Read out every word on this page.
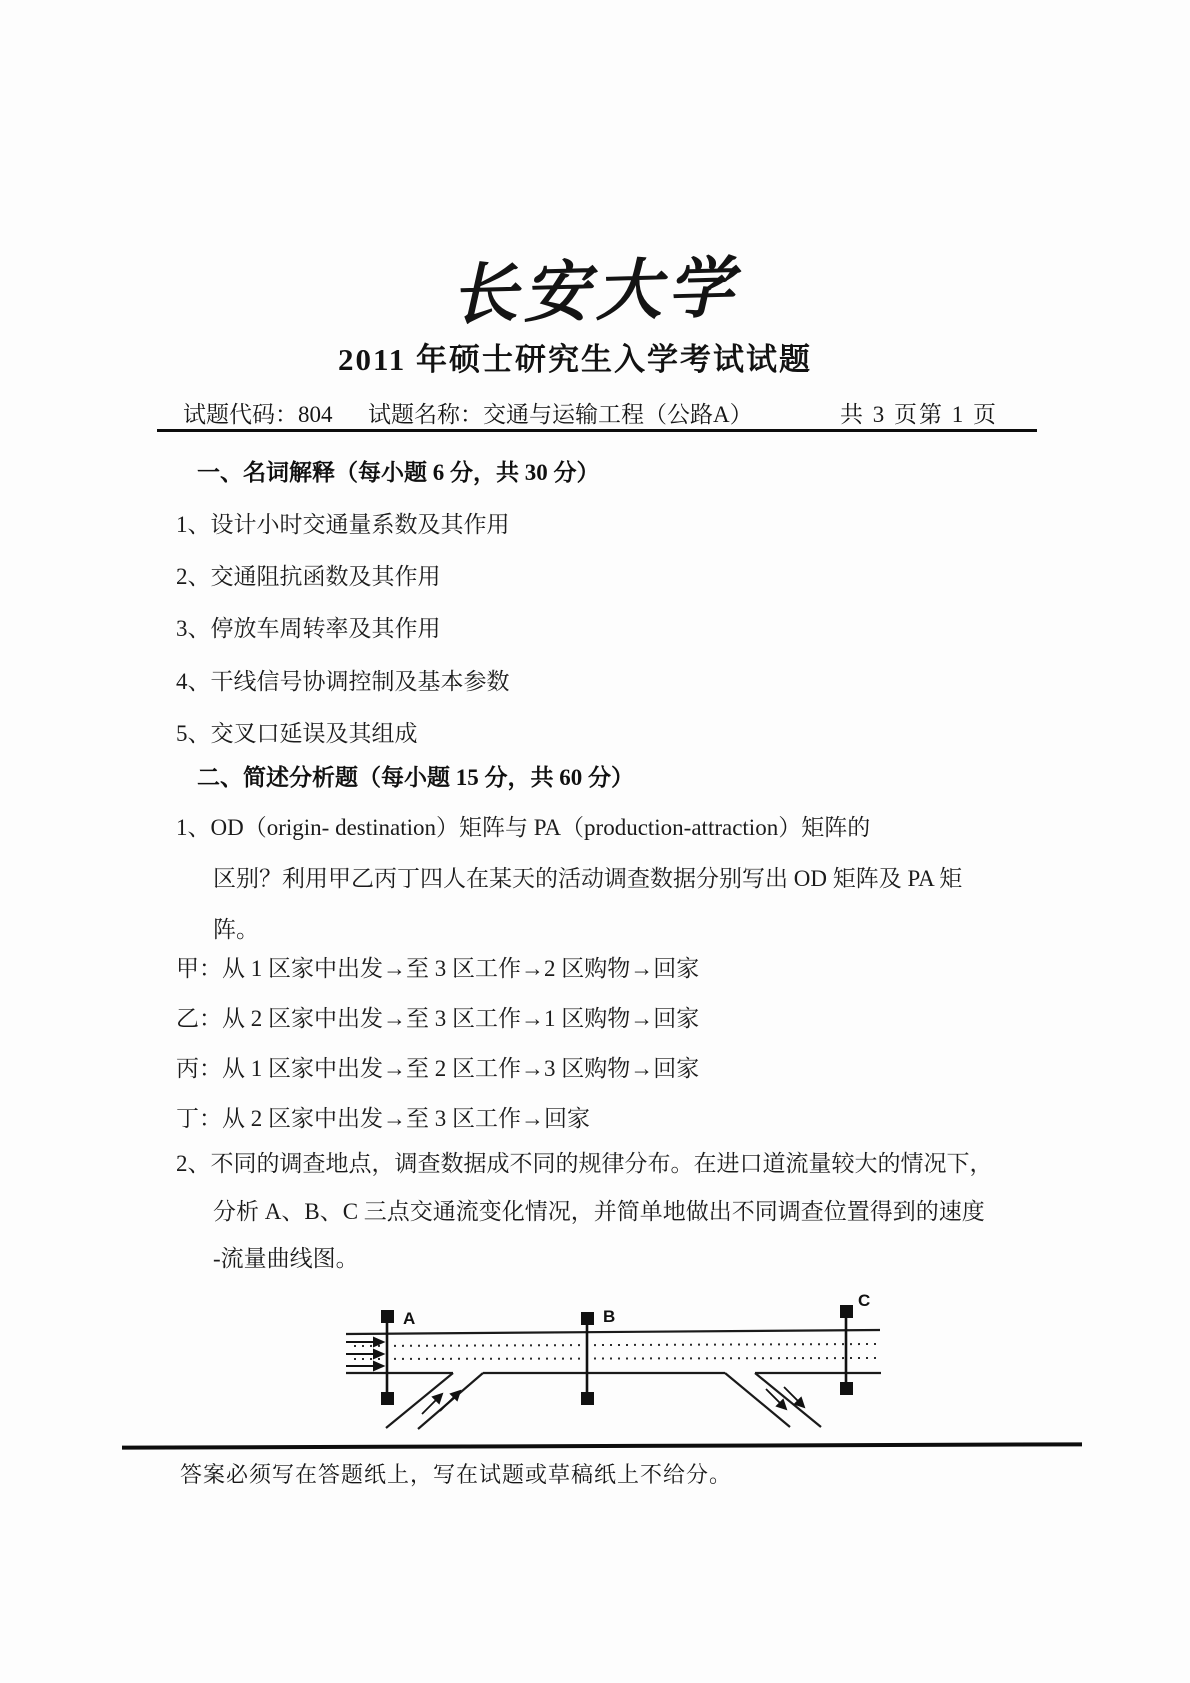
长安大学
2011 年硕士研究生入学考试试题
试题代码：804 试题名称：交通与运输工程（公路A）	共 3 页第 1 页
一、名词解释（每小题 6 分，共 30 分）
1、设计小时交通量系数及其作用
2、交通阻抗函数及其作用
3、停放车周转率及其作用
4、干线信号协调控制及基本参数
5、交叉口延误及其组成
二、简述分析题（每小题 15 分，共 60 分）
1、OD（origin- destination）矩阵与 PA（production-attraction）矩阵的
区别？利用甲乙丙丁四人在某天的活动调查数据分别写出 OD 矩阵及 PA 矩
阵。
甲：从 1 区家中出发→至 3 区工作→2 区购物→回家
乙：从 2 区家中出发→至 3 区工作→1 区购物→回家
丙：从 1 区家中出发→至 2 区工作→3 区购物→回家
丁：从 2 区家中出发→至 3 区工作→回家
2、不同的调查地点，调查数据成不同的规律分布。在进口道流量较大的情况下，
分析 A、B、C 三点交通流变化情况，并简单地做出不同调查位置得到的速度
-流量曲线图。
A	B
C
答案必须写在答题纸上，写在试题或草稿纸上不给分。
